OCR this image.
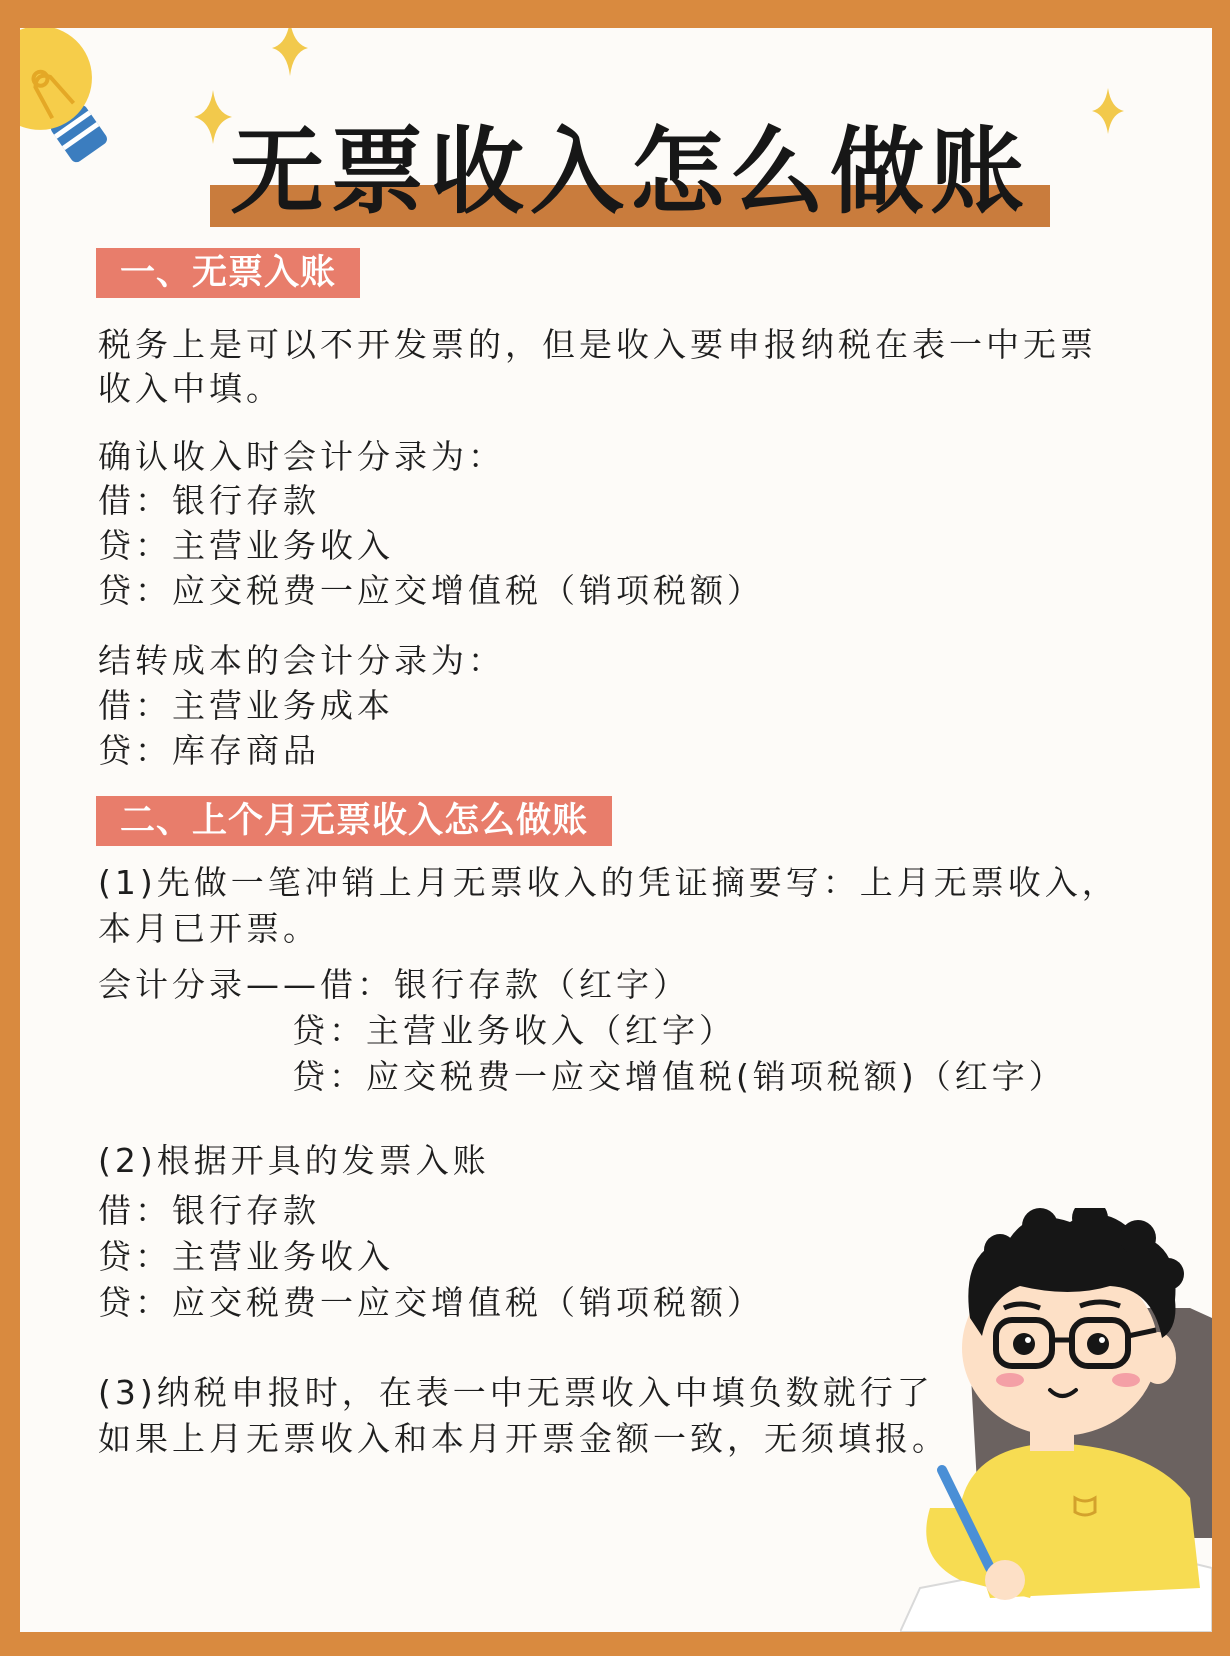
无票收入怎么做账
一、无票入账

税务上是可以不开发票的，但是收入要申报纳税在表一中无票

收入中填。

确认收入时会计分录为：

借：银行存款

贷：主营业务收入

贷：应交税费一应交增值税（销项税额）

结转成本的会计分录为：

借：主营业务成本

贷：库存商品

二、上个月无票收入怎么做账

(1)先做一笔冲销上月无票收入的凭证摘要写：上月无票收入，

本月已开票。

会计分录——借：银行存款（红字）

贷：主营业务收入（红字）

贷：应交税费一应交增值税(销项税额)（红字）

(2)根据开具的发票入账

借：银行存款

贷：主营业务收入

贷：应交税费一应交增值税（销项税额）

(3)纳税申报时，在表一中无票收入中填负数就行了

如果上月无票收入和本月开票金额一致，无须填报。
